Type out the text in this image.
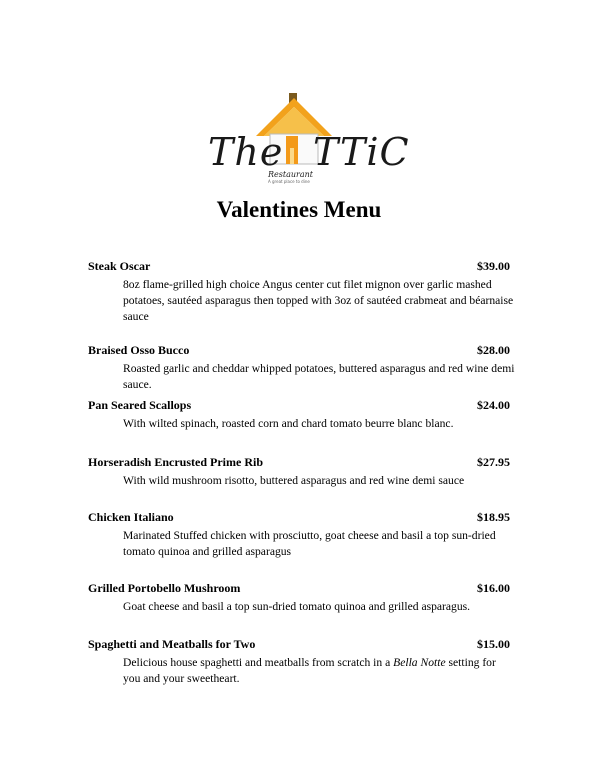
The TTiC
Restaurant
A great place to dine
Valentines Menu
Steak Oscar	$39.00
8oz flame-grilled high choice Angus center cut filet mignon over garlic mashed potatoes, sautéed asparagus then topped with 3oz of sautéed crabmeat and béarnaise sauce
Braised Osso Bucco	$28.00
Roasted garlic and cheddar whipped potatoes, buttered asparagus and red wine demi sauce.
Pan Seared Scallops	$24.00
With wilted spinach, roasted corn and chard tomato beurre blanc blanc.
Horseradish Encrusted Prime Rib	$27.95
With wild mushroom risotto, buttered asparagus and red wine demi sauce
Chicken Italiano	$18.95
Marinated Stuffed chicken with prosciutto, goat cheese and basil a top sun-dried tomato quinoa and grilled asparagus
Grilled Portobello Mushroom	$16.00
Goat cheese and basil a top sun-dried tomato quinoa and grilled asparagus.
Spaghetti and Meatballs for Two	$15.00
Delicious house spaghetti and meatballs from scratch in a Bella Notte setting for you and your sweetheart.
